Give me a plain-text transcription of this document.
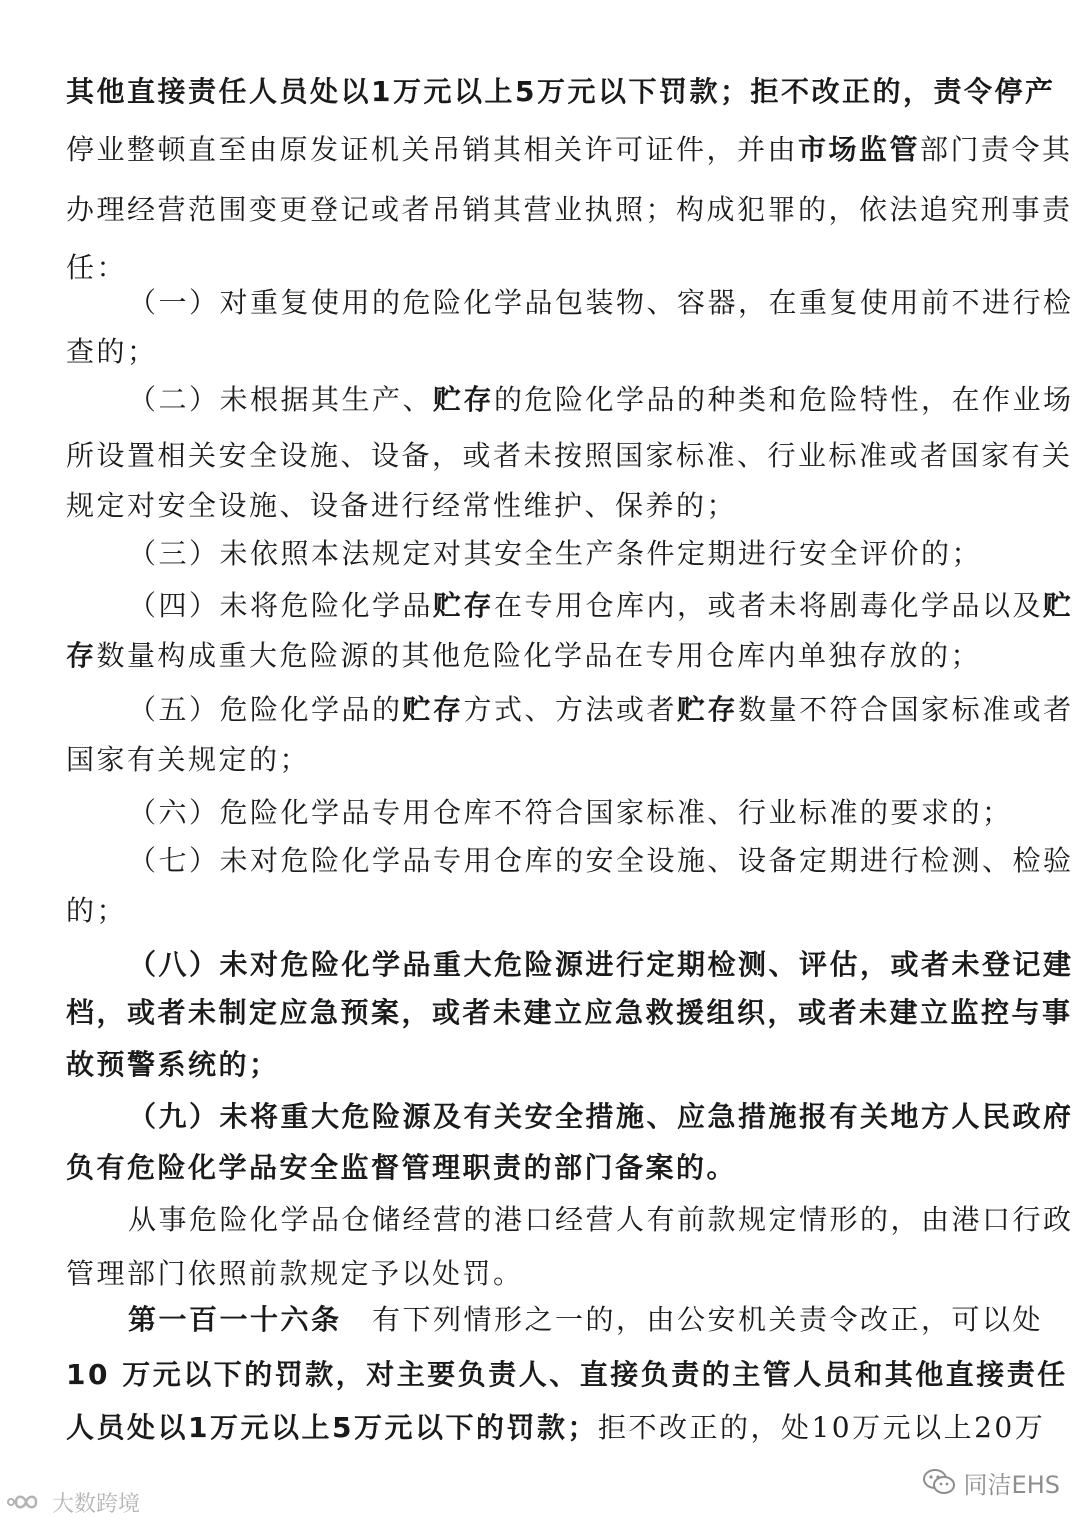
其他直接责任人员处以1万元以上5万元以下罚款；拒不改正的，责令停产
停业整顿直至由原发证机关吊销其相关许可证件，并由市场监管部门责令其
办理经营范围变更登记或者吊销其营业执照；构成犯罪的，依法追究刑事责
任：
（一）对重复使用的危险化学品包装物、容器，在重复使用前不进行检
查的；
（二）未根据其生产、贮存的危险化学品的种类和危险特性，在作业场
所设置相关安全设施、设备，或者未按照国家标准、行业标准或者国家有关
规定对安全设施、设备进行经常性维护、保养的；
（三）未依照本法规定对其安全生产条件定期进行安全评价的；
（四）未将危险化学品贮存在专用仓库内，或者未将剧毒化学品以及贮
存数量构成重大危险源的其他危险化学品在专用仓库内单独存放的；
（五）危险化学品的贮存方式、方法或者贮存数量不符合国家标准或者
国家有关规定的；
（六）危险化学品专用仓库不符合国家标准、行业标准的要求的；
（七）未对危险化学品专用仓库的安全设施、设备定期进行检测、检验
的；
（八）未对危险化学品重大危险源进行定期检测、评估，或者未登记建
档，或者未制定应急预案，或者未建立应急救援组织，或者未建立监控与事
故预警系统的；
（九）未将重大危险源及有关安全措施、应急措施报有关地方人民政府
负有危险化学品安全监督管理职责的部门备案的。
从事危险化学品仓储经营的港口经营人有前款规定情形的，由港口行政
管理部门依照前款规定予以处罚。
第一百一十六条　有下列情形之一的，由公安机关责令改正，可以处
10 万元以下的罚款，对主要负责人、直接负责的主管人员和其他直接责任
人员处以1万元以上5万元以下的罚款；拒不改正的，处10万元以上20万
大数跨境
同洁EHS
